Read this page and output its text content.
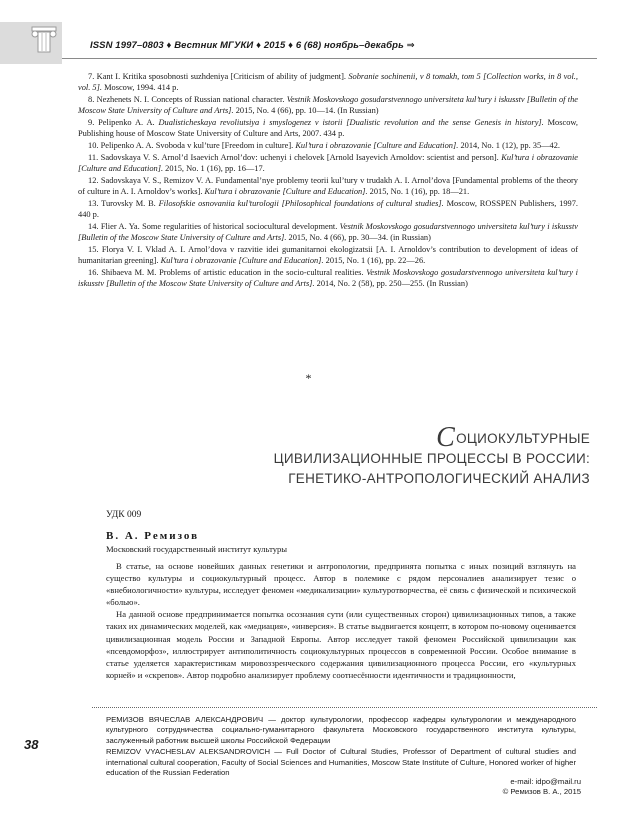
ISSN 1997–0803 ♦ Вестник МГУКИ ♦ 2015 ♦ 6 (68) ноябрь–декабрь ⇒

7. Kant I. Kritika sposobnosti suzhdeniya [Criticism of ability of judgment]. Sobranie sochinenii, v 8 tomakh, tom 5 [Collection works, in 8 vol., vol. 5]. Moscow, 1994. 414 p.

8. Nezhenets N. I. Concepts of Russian national character. Vestnik Moskovskogo gosudarstvennogo universiteta kul’tury i iskusstv [Bulletin of the Moscow State University of Culture and Arts]. 2015, No. 4 (66), pp. 10—14. (In Russian)

9. Pelipenko A. A. Dualisticheskaya revoliutsiya i smyslogenez v istorii [Dualistic revolution and the sense Genesis in history]. Moscow, Publishing house of Moscow State University of Culture and Arts, 2007. 434 p.

10. Pelipenko A. A. Svoboda v kul’ture [Freedom in culture]. Kul’tura i obrazovanie [Culture and Education]. 2014, No. 1 (12), pp. 35—42.

11. Sadovskaya V. S. Arnol’d Isaevich Arnol’dov: uchenyi i chelovek [Arnold Isayevich Arnoldov: scientist and person]. Kul’tura i obrazovanie [Culture and Education]. 2015, No. 1 (16), pp. 16—17.

12. Sadovskaya V. S., Remizov V. A. Fundamental’nye problemy teorii kul’tury v trudakh A. I. Arnol’dova [Fundamental problems of the theory of culture in A. I. Arnoldov’s works]. Kul’tura i obrazovanie [Culture and Education]. 2015, No. 1 (16), pp. 18—21.

13. Turovsky M. B. Filosofskie osnovaniia kul’turologii [Philosophical foundations of cultural studies]. Moscow, ROSSPEN Publishers, 1997. 440 p.

14. Flier A. Ya. Some regularities of historical sociocultural development. Vestnik Moskovskogo gosudarstvennogo universiteta kul’tury i iskusstv [Bulletin of the Moscow State University of Culture and Arts]. 2015, No. 4 (66), pp. 30—34. (in Russian)

15. Florya V. I. Vklad A. I. Arnol’dova v razvitie idei gumanitarnoi ekologizatsii [A. I. Arnoldov’s contribution to development of ideas of humanitarian greening]. Kul’tura i obrazovanie [Culture and Education]. 2015, No. 1 (16), pp. 22—26.

16. Shibaeva M. M. Problems of artistic education in the socio-cultural realities. Vestnik Moskovskogo gosudarstvennogo universiteta kul’tury i iskusstv [Bulletin of the Moscow State University of Culture and Arts]. 2014, No. 2 (58), pp. 250—255. (In Russian)

*
СОЦИОКУЛЬТУРНЫЕ
ЦИВИЛИЗАЦИОННЫЕ ПРОЦЕССЫ В РОССИИ:
ГЕНЕТИКО-АНТРОПОЛОГИЧЕСКИЙ АНАЛИЗ
УДК 009
В. А. Ремизов
Московский государственный институт культуры

В статье, на основе новейших данных генетики и антропологии, предпринята попытка с иных позиций взглянуть на существо культуры и социокультурный процесс. Автор в полемике с рядом персоналиев анализирует тезис о «внебиологичности» культуры, исследует феномен «медикализации» культуротворчества, её связь с физической и психической «болью».

На данной основе предпринимается попытка осознания сути (или существенных сторон) цивилизационных типов, а также таких их динамических моделей, как «медиация», «инверсия». В статье выдвигается концепт, в котором по-новому оценивается цивилизационная модель России и Западной Европы. Автор исследует такой феномен Российской цивилизации как «псевдоморфоз», иллюстрирует антиполитичность социокультурных процессов в современной России. Особое внимание в статье уделяется характеристикам мировоззренческого содержания цивилизационного процесса России, его «культурных корней» и «скрепов». Автор подробно анализирует проблему соотнесённости идентичности и традиционности,

38

РЕМИЗОВ ВЯЧЕСЛАВ АЛЕКСАНДРОВИЧ — доктор культурологии, профессор кафедры культурологии и международного культурного сотрудничества социально-гуманитарного факультета Московского государственного института культуры, заслуженный работник высшей школы Российской Федерации

REMIZOV VYACHESLAV ALEKSANDROVICH — Full Doctor of Cultural Studies, Professor of Department of cultural studies and international cultural cooperation, Faculty of Social Sciences and Humanities, Moscow State Institute of Culture, Honored worker of higher education of the Russian Federation

e-mail: idpo@mail.ru
© Ремизов В. А., 2015
